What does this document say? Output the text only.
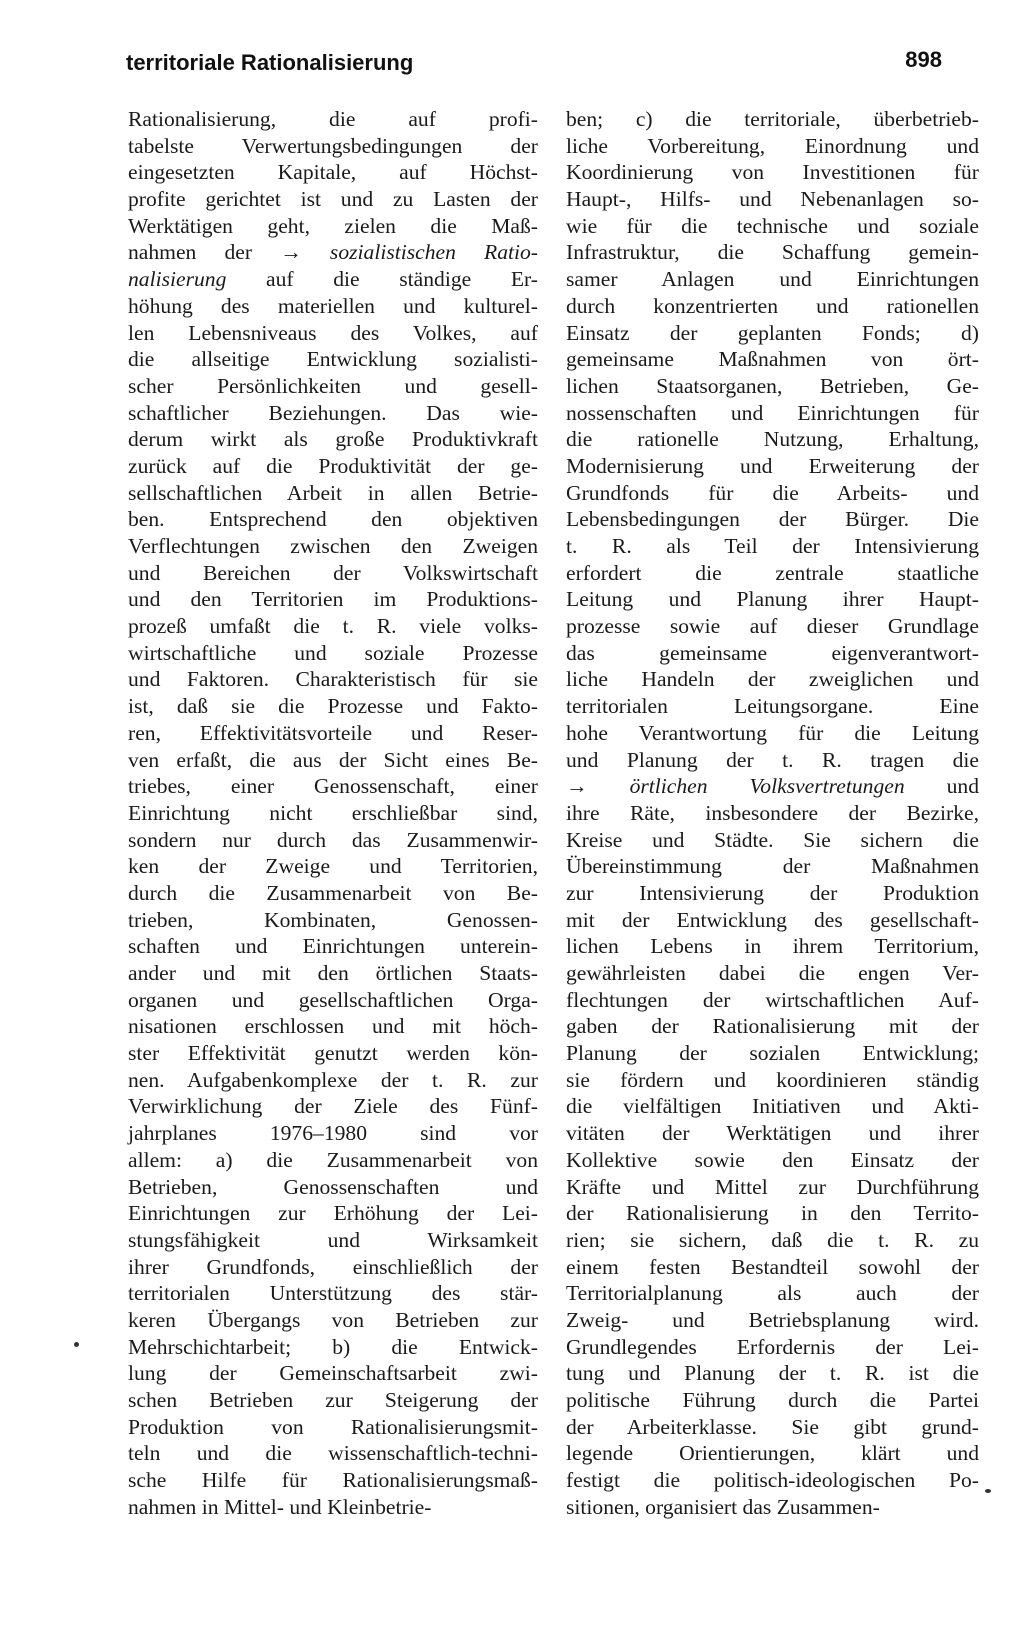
territoriale Rationalisierung	898
Rationalisierung, die auf profi-
tabelste Verwertungsbedingungen der
eingesetzten Kapitale, auf Höchst-
profite gerichtet ist und zu Lasten der
Werktätigen geht, zielen die Maß-
nahmen der → sozialistischen Ratio-
nalisierung auf die ständige Er-
höhung des materiellen und kulturel-
len Lebensniveaus des Volkes, auf
die allseitige Entwicklung sozialisti-
scher Persönlichkeiten und gesell-
schaftlicher Beziehungen. Das wie-
derum wirkt als große Produktivkraft
zurück auf die Produktivität der ge-
sellschaftlichen Arbeit in allen Betrie-
ben. Entsprechend den objektiven
Verflechtungen zwischen den Zweigen
und Bereichen der Volkswirtschaft
und den Territorien im Produktions-
prozeß umfaßt die t. R. viele volks-
wirtschaftliche und soziale Prozesse
und Faktoren. Charakteristisch für sie
ist, daß sie die Prozesse und Fakto-
ren, Effektivitätsvorteile und Reser-
ven erfaßt, die aus der Sicht eines Be-
triebes, einer Genossenschaft, einer
Einrichtung nicht erschließbar sind,
sondern nur durch das Zusammenwir-
ken der Zweige und Territorien,
durch die Zusammenarbeit von Be-
trieben, Kombinaten, Genossen-
schaften und Einrichtungen unterein-
ander und mit den örtlichen Staats-
organen und gesellschaftlichen Orga-
nisationen erschlossen und mit höch-
ster Effektivität genutzt werden kön-
nen. Aufgabenkomplexe der t. R. zur
Verwirklichung der Ziele des Fünf-
jahrplanes 1976–1980 sind vor
allem: a) die Zusammenarbeit von
Betrieben, Genossenschaften und
Einrichtungen zur Erhöhung der Lei-
stungsfähigkeit und Wirksamkeit
ihrer Grundfonds, einschließlich der
territorialen Unterstützung des stär-
keren Übergangs von Betrieben zur
Mehrschichtarbeit; b) die Entwick-
lung der Gemeinschaftsarbeit zwi-
schen Betrieben zur Steigerung der
Produktion von Rationalisierungsmit-
teln und die wissenschaftlich-techni-
sche Hilfe für Rationalisierungsmaß-
nahmen in Mittel- und Kleinbetrie-
ben; c) die territoriale, überbetrieb-
liche Vorbereitung, Einordnung und
Koordinierung von Investitionen für
Haupt-, Hilfs- und Nebenanlagen so-
wie für die technische und soziale
Infrastruktur, die Schaffung gemein-
samer Anlagen und Einrichtungen
durch konzentrierten und rationellen
Einsatz der geplanten Fonds; d)
gemeinsame Maßnahmen von ört-
lichen Staatsorganen, Betrieben, Ge-
nossenschaften und Einrichtungen für
die rationelle Nutzung, Erhaltung,
Modernisierung und Erweiterung der
Grundfonds für die Arbeits- und
Lebensbedingungen der Bürger. Die
t. R. als Teil der Intensivierung
erfordert die zentrale staatliche
Leitung und Planung ihrer Haupt-
prozesse sowie auf dieser Grundlage
das gemeinsame eigenverantwort-
liche Handeln der zweiglichen und
territorialen Leitungsorgane. Eine
hohe Verantwortung für die Leitung
und Planung der t. R. tragen die
→ örtlichen Volksvertretungen und
ihre Räte, insbesondere der Bezirke,
Kreise und Städte. Sie sichern die
Übereinstimmung der Maßnahmen
zur Intensivierung der Produktion
mit der Entwicklung des gesellschaft-
lichen Lebens in ihrem Territorium,
gewährleisten dabei die engen Ver-
flechtungen der wirtschaftlichen Auf-
gaben der Rationalisierung mit der
Planung der sozialen Entwicklung;
sie fördern und koordinieren ständig
die vielfältigen Initiativen und Akti-
vitäten der Werktätigen und ihrer
Kollektive sowie den Einsatz der
Kräfte und Mittel zur Durchführung
der Rationalisierung in den Territo-
rien; sie sichern, daß die t. R. zu
einem festen Bestandteil sowohl der
Territorialplanung als auch der
Zweig- und Betriebsplanung wird.
Grundlegendes Erfordernis der Lei-
tung und Planung der t. R. ist die
politische Führung durch die Partei
der Arbeiterklasse. Sie gibt grund-
legende Orientierungen, klärt und
festigt die politisch-ideologischen Po-
sitionen, organisiert das Zusammen-
